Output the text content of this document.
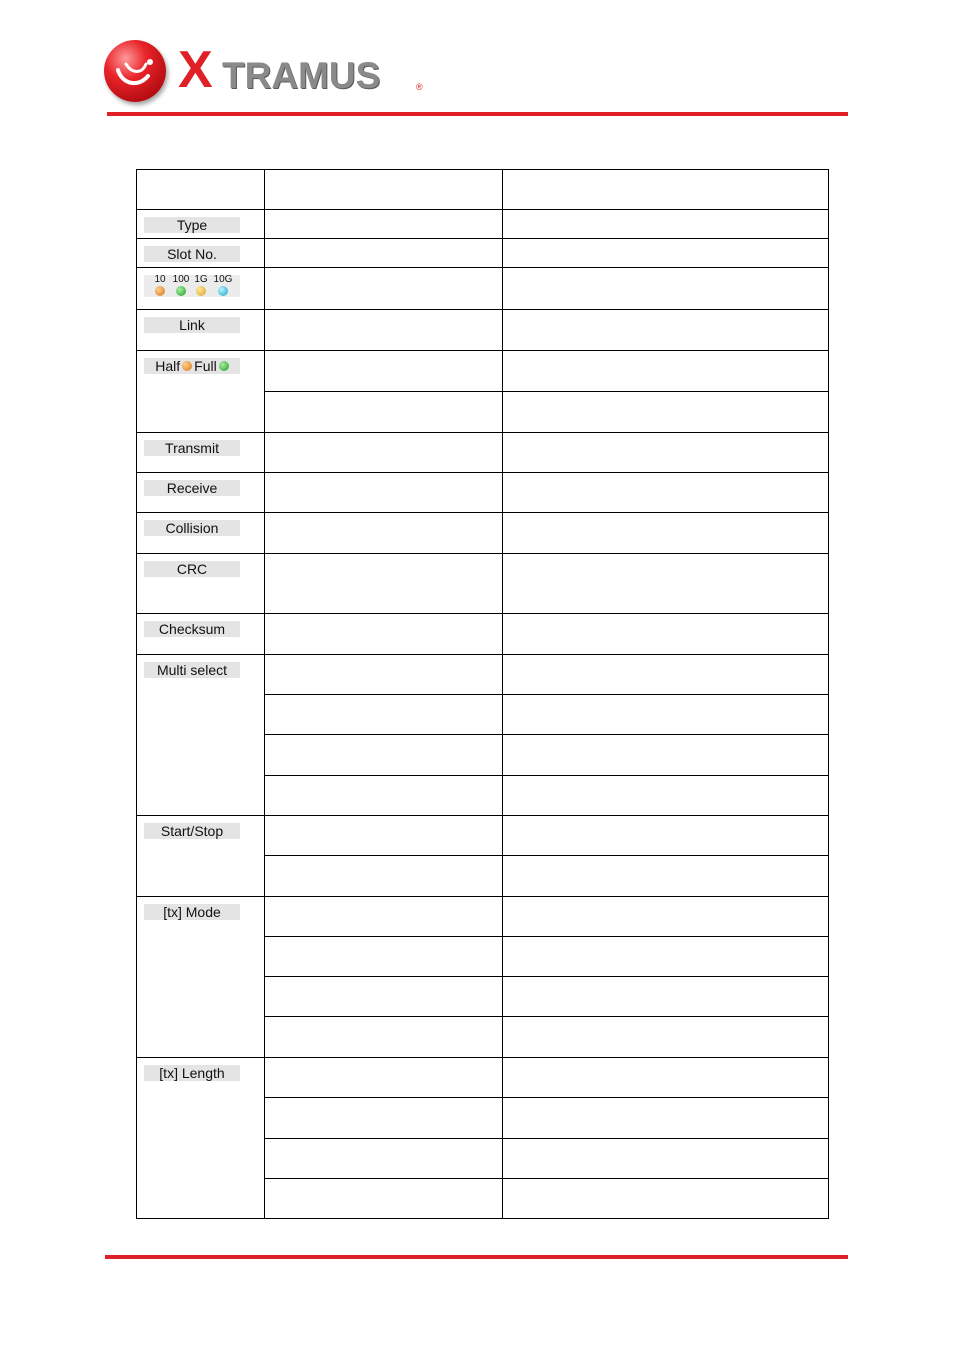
X TRAMUS	®

Type		

Slot No.		

10 100 1G 10G		

Link		

Half Full		

Transmit		

Receive		

Collision		

CRC		

Checksum		

Multi select		

Start/Stop		

[tx] Mode		

[tx] Length		
